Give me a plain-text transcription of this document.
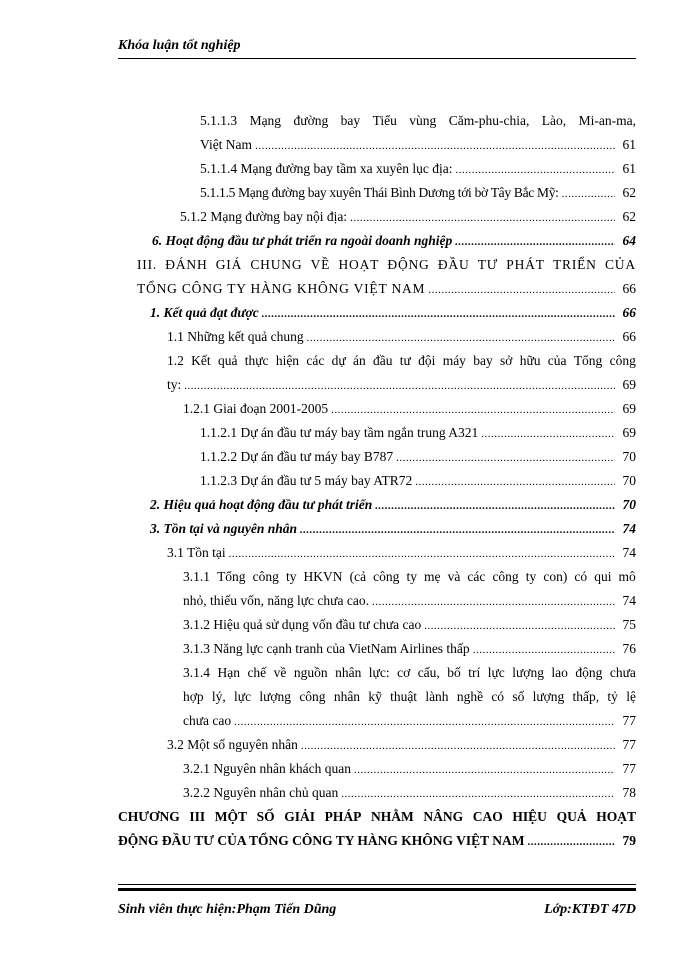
Khóa luận tốt nghiệp
5.1.1.3 Mạng đường bay Tiểu vùng Căm-phu-chia, Lào, Mi-an-ma,
Việt Nam .....	61
5.1.1.4 Mạng đường bay tầm xa xuyên lục địa: .....	61
5.1.1.5 Mạng đường bay xuyên Thái Bình Dương tới bờ Tây Bắc Mỹ: .....	62
5.1.2 Mạng đường bay nội địa: .....	62
6. Hoạt động đầu tư phát triển ra ngoài doanh nghiệp .....	64
III. ĐÁNH GIÁ CHUNG VỀ HOẠT ĐỘNG ĐẦU TƯ PHÁT TRIỂN CỦA
TỔNG CÔNG TY HÀNG KHÔNG VIỆT NAM .....	66
1. Kết quả đạt được .....	66
1.1 Những kết quả chung .....	66
1.2 Kết quả thực hiện các dự án đầu tư đội máy bay sở hữu của Tổng công
ty: .....	69
1.2.1 Giai đoạn 2001-2005 .....	69
1.1.2.1 Dự án đầu tư máy bay tầm ngắn trung A321 .....	69
1.1.2.2 Dự án đầu tư máy bay B787 .....	70
1.1.2.3 Dự án đầu tư 5 máy bay ATR72 .....	70
2. Hiệu quả hoạt động đầu tư phát triển .....	70
3. Tồn tại và nguyên nhân .....	74
3.1 Tồn tại .....	74
3.1.1 Tổng công ty HKVN (cả công ty mẹ và các công ty con) có qui mô
nhỏ, thiếu vốn, năng lực chưa cao. .....	74
3.1.2 Hiệu quả sử dụng vốn đầu tư chưa cao .....	75
3.1.3 Năng lực cạnh tranh của VietNam Airlines thấp .....	76
3.1.4 Hạn chế về nguồn nhân lực: cơ cấu, bố trí lực lượng lao động chưa
hợp lý, lực lượng công nhân kỹ thuật lành nghề có số lượng thấp, tỷ lệ
chưa cao .....	77
3.2 Một số nguyên nhân .....	77
3.2.1 Nguyên nhân khách quan .....	77
3.2.2 Nguyên nhân chủ quan .....	78
CHƯƠNG III MỘT SỐ GIẢI PHÁP NHẰM NÂNG CAO HIỆU QUẢ HOẠT
ĐỘNG ĐẦU TƯ CỦA TỔNG CÔNG TY HÀNG KHÔNG VIỆT NAM .....	79
Sinh viên thực hiện:Phạm Tiến Dũng	Lớp:KTĐT 47D
